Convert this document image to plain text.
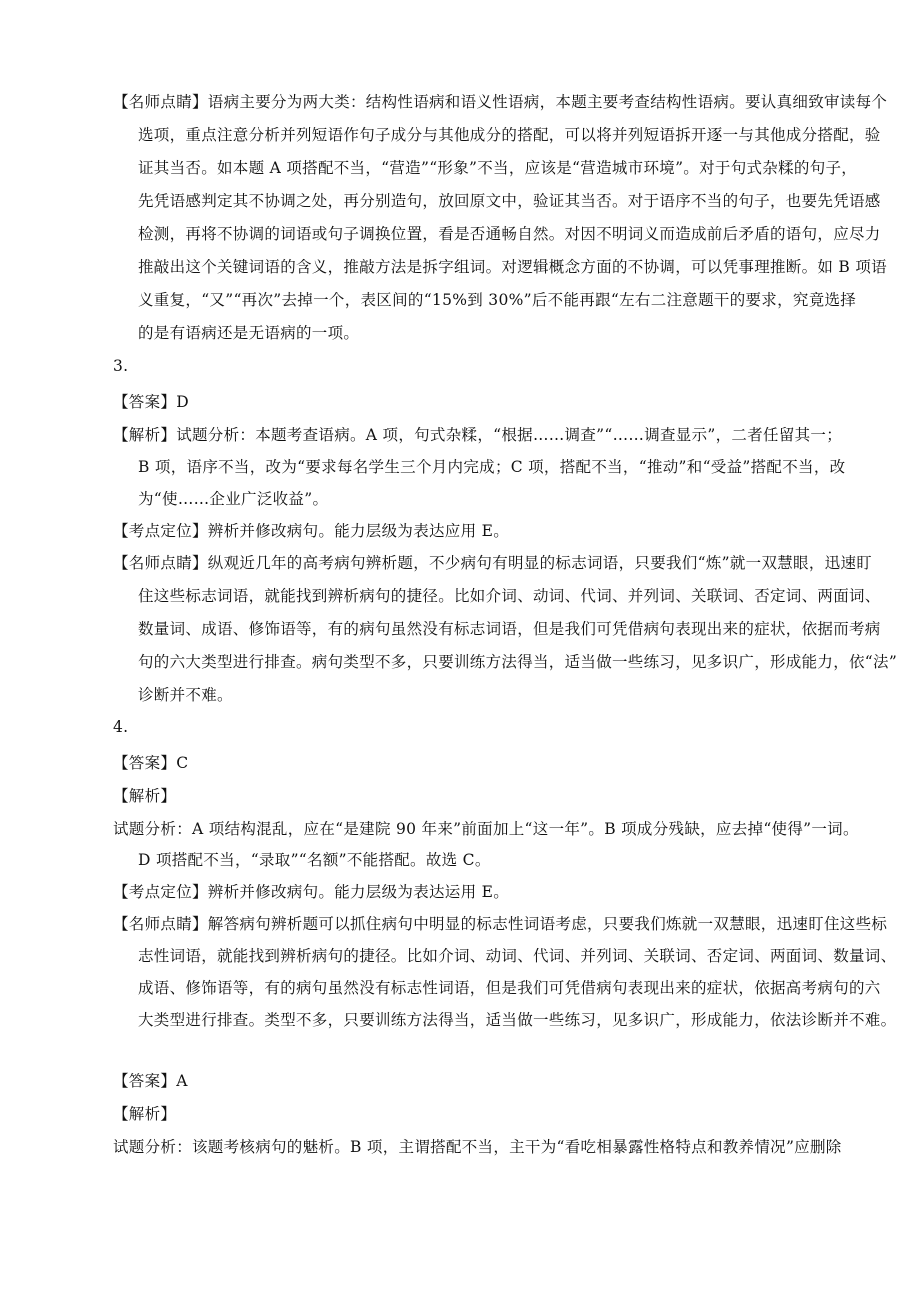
【名师点睛】语病主要分为两大类：结构性语病和语义性语病，本题主要考查结构性语病。要认真细致审读每个
选项，重点注意分析并列短语作句子成分与其他成分的搭配，可以将并列短语拆开逐一与其他成分搭配，验
证其当否。如本题 A 项搭配不当，“营造”“形象”不当，应该是“营造城市环境”。对于句式杂糅的句子，
先凭语感判定其不协调之处，再分别造句，放回原文中，验证其当否。对于语序不当的句子，也要先凭语感
检测，再将不协调的词语或句子调换位置，看是否通畅自然。对因不明词义而造成前后矛盾的语句，应尽力
推敲出这个关键词语的含义，推敲方法是拆字组词。对逻辑概念方面的不协调，可以凭事理推断。如 B 项语
义重复，“又”“再次”去掉一个，表区间的“15%到 30%”后不能再跟“左右二注意题干的要求，究竟选择
的是有语病还是无语病的一项。
3.
【答案】D
【解析】试题分析：本题考查语病。A 项，句式杂糅，“根据……调查”“……调查显示”，二者任留其一；
B 项，语序不当，改为“要求每名学生三个月内完成；C 项，搭配不当，“推动”和“受益”搭配不当，改
为“使……企业广泛收益”。
【考点定位】辨析并修改病句。能力层级为表达应用 E。
【名师点睛】纵观近几年的高考病句辨析题，不少病句有明显的标志词语，只要我们“炼”就一双慧眼，迅速盯
住这些标志词语，就能找到辨析病句的捷径。比如介词、动词、代词、并列词、关联词、否定词、两面词、
数量词、成语、修饰语等，有的病句虽然没有标志词语，但是我们可凭借病句表现出来的症状，依据而考病
句的六大类型进行排查。病句类型不多，只要训练方法得当，适当做一些练习，见多识广，形成能力，依“法”
诊断并不难。
4.
【答案】C
【解析】
试题分析：A 项结构混乱，应在“是建院 90 年来”前面加上“这一年”。B 项成分残缺，应去掉“使得”一词。
D 项搭配不当，“录取”“名额”不能搭配。故选 C。
【考点定位】辨析并修改病句。能力层级为表达运用 E。
【名师点睛】解答病句辨析题可以抓住病句中明显的标志性词语考虑，只要我们炼就一双慧眼，迅速盯住这些标
志性词语，就能找到辨析病句的捷径。比如介词、动词、代词、并列词、关联词、否定词、两面词、数量词、
成语、修饰语等，有的病句虽然没有标志性词语，但是我们可凭借病句表现出来的症状，依据高考病句的六
大类型进行排查。类型不多，只要训练方法得当，适当做一些练习，见多识广，形成能力，依法诊断并不难。
【答案】A
【解析】
试题分析：该题考核病句的魅析。B 项，主谓搭配不当，主干为“看吃相暴露性格特点和教养情况”应删除
